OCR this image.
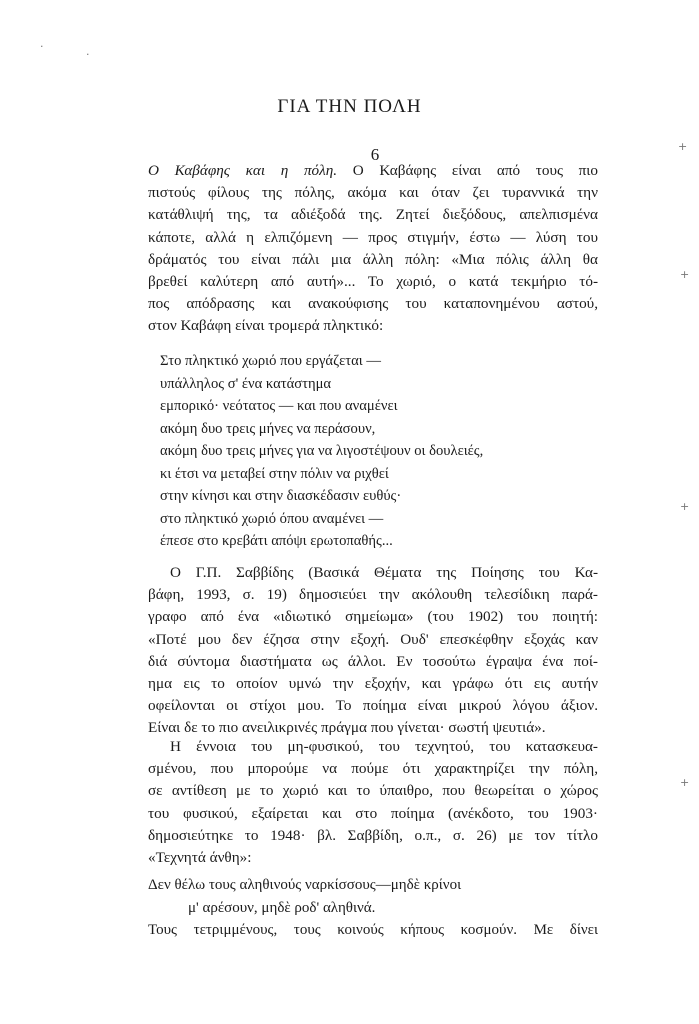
ΓΙΑ ΤΗΝ ΠΟΛΗ
6
Ο Καβάφης και η πόλη. Ο Καβάφης είναι από τους πιο
πιστούς φίλους της πόλης, ακόμα και όταν ζει τυραννικά την
κατάθλιψή της, τα αδιέξοδά της. Ζητεί διεξόδους, απελπισμένα
κάποτε, αλλά η ελπιζόμενη — προς στιγμήν, έστω — λύση του
δράματός του είναι πάλι μια άλλη πόλη: «Μια πόλις άλλη θα
βρεθεί καλύτερη από αυτή»... Το χωριό, ο κατά τεκμήριο τό-
πος απόδρασης και ανακούφισης του καταπονημένου αστού,
στον Καβάφη είναι τρομερά πληκτικό:
Στο πληκτικό χωριό που εργάζεται —
υπάλληλος σ' ένα κατάστημα
εμπορικό· νεότατος — και που αναμένει
ακόμη δυο τρεις μήνες να περάσουν,
ακόμη δυο τρεις μήνες για να λιγοστέψουν οι δουλειές,
κι έτσι να μεταβεί στην πόλιν να ριχθεί
στην κίνησι και στην διασκέδασιν ευθύς·
στο πληκτικό χωριό όπου αναμένει —
έπεσε στο κρεβάτι απόψι ερωτοπαθής...
Ο Γ.Π. Σαββίδης (Βασικά Θέματα της Ποίησης του Κα-
βάφη, 1993, σ. 19) δημοσιεύει την ακόλουθη τελεσίδικη παρά-
γραφο από ένα «ιδιωτικό σημείωμα» (του 1902) του ποιητή:
«Ποτέ μου δεν έζησα στην εξοχή. Ουδ' επεσκέφθην εξοχάς καν
διά σύντομα διαστήματα ως άλλοι. Εν τοσούτω έγραψα ένα ποί-
ημα εις το οποίον υμνώ την εξοχήν, και γράφω ότι εις αυτήν
οφείλονται οι στίχοι μου. Το ποίημα είναι μικρού λόγου άξιον.
Είναι δε το πιο ανειλικρινές πράγμα που γίνεται· σωστή ψευτιά».
Η έννοια του μη-φυσικού, του τεχνητού, του κατασκευα-
σμένου, που μπορούμε να πούμε ότι χαρακτηρίζει την πόλη,
σε αντίθεση με το χωριό και το ύπαιθρο, που θεωρείται ο χώρος
του φυσικού, εξαίρεται και στο ποίημα (ανέκδοτο, του 1903·
δημοσιεύτηκε το 1948· βλ. Σαββίδη, ο.π., σ. 26) με τον τίτλο
«Τεχνητά άνθη»:
Δεν θέλω τους αληθινούς ναρκίσσους—μηδὲ κρίνοι
μ' αρέσουν, μηδὲ ροδ' αληθινά.
Τους τετριμμένους, τους κοινούς κήπους κοσμούν. Με δίνει
·
·
+
+
+
+
